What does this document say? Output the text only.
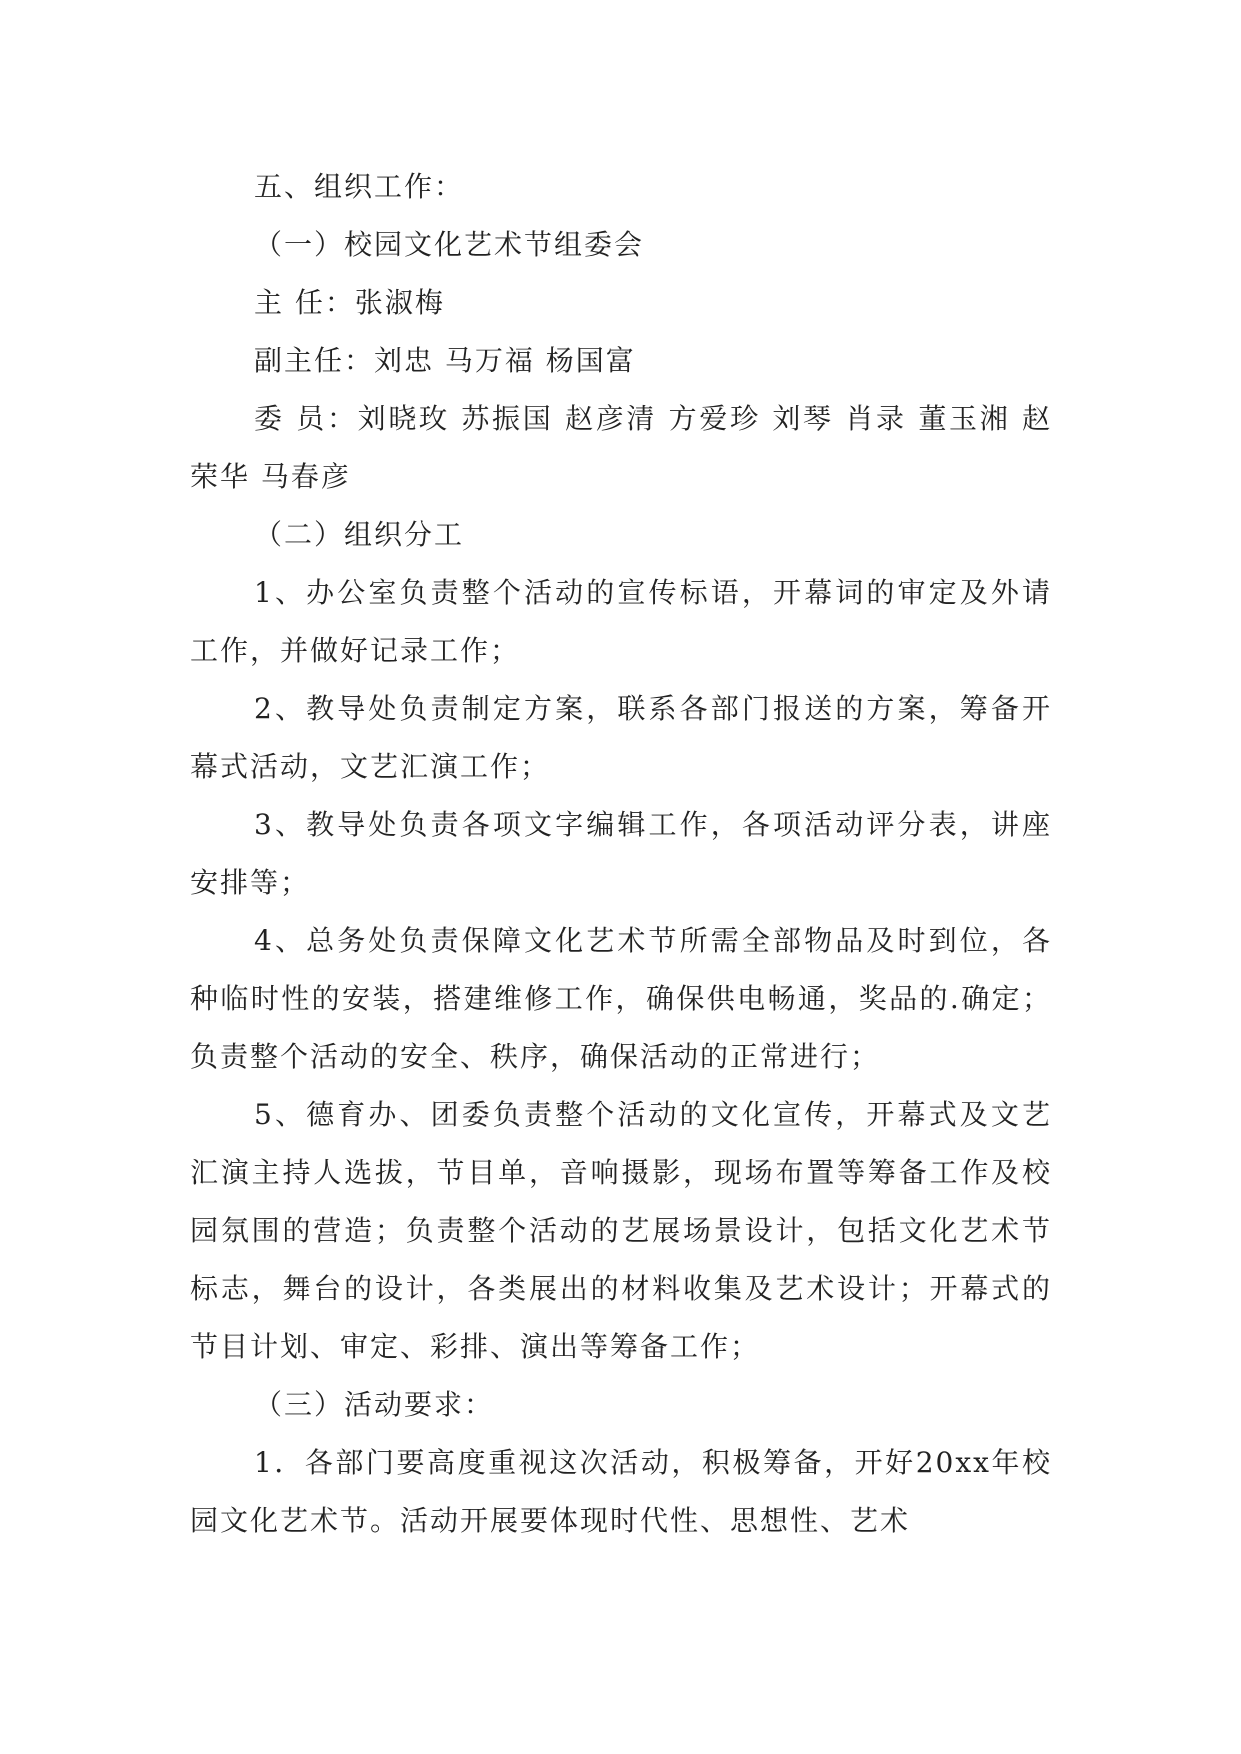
五、组织工作：

（一）校园文化艺术节组委会

主 任：张淑梅

副主任：刘忠 马万福 杨国富

委 员：刘晓玫 苏振国 赵彦清 方爱珍 刘琴 肖录 董玉湘 赵荣华 马春彦

（二）组织分工

1、办公室负责整个活动的宣传标语，开幕词的审定及外请工作，并做好记录工作；

2、教导处负责制定方案，联系各部门报送的方案，筹备开幕式活动，文艺汇演工作；

3、教导处负责各项文字编辑工作，各项活动评分表，讲座安排等；

4、总务处负责保障文化艺术节所需全部物品及时到位，各种临时性的安装，搭建维修工作，确保供电畅通，奖品的.确定；负责整个活动的安全、秩序，确保活动的正常进行；

5、德育办、团委负责整个活动的文化宣传，开幕式及文艺汇演主持人选拔，节目单，音响摄影，现场布置等筹备工作及校园氛围的营造；负责整个活动的艺展场景设计，包括文化艺术节标志，舞台的设计，各类展出的材料收集及艺术设计；开幕式的节目计划、审定、彩排、演出等筹备工作；

（三）活动要求：

1．各部门要高度重视这次活动，积极筹备，开好20xx年校园文化艺术节。活动开展要体现时代性、思想性、艺术
